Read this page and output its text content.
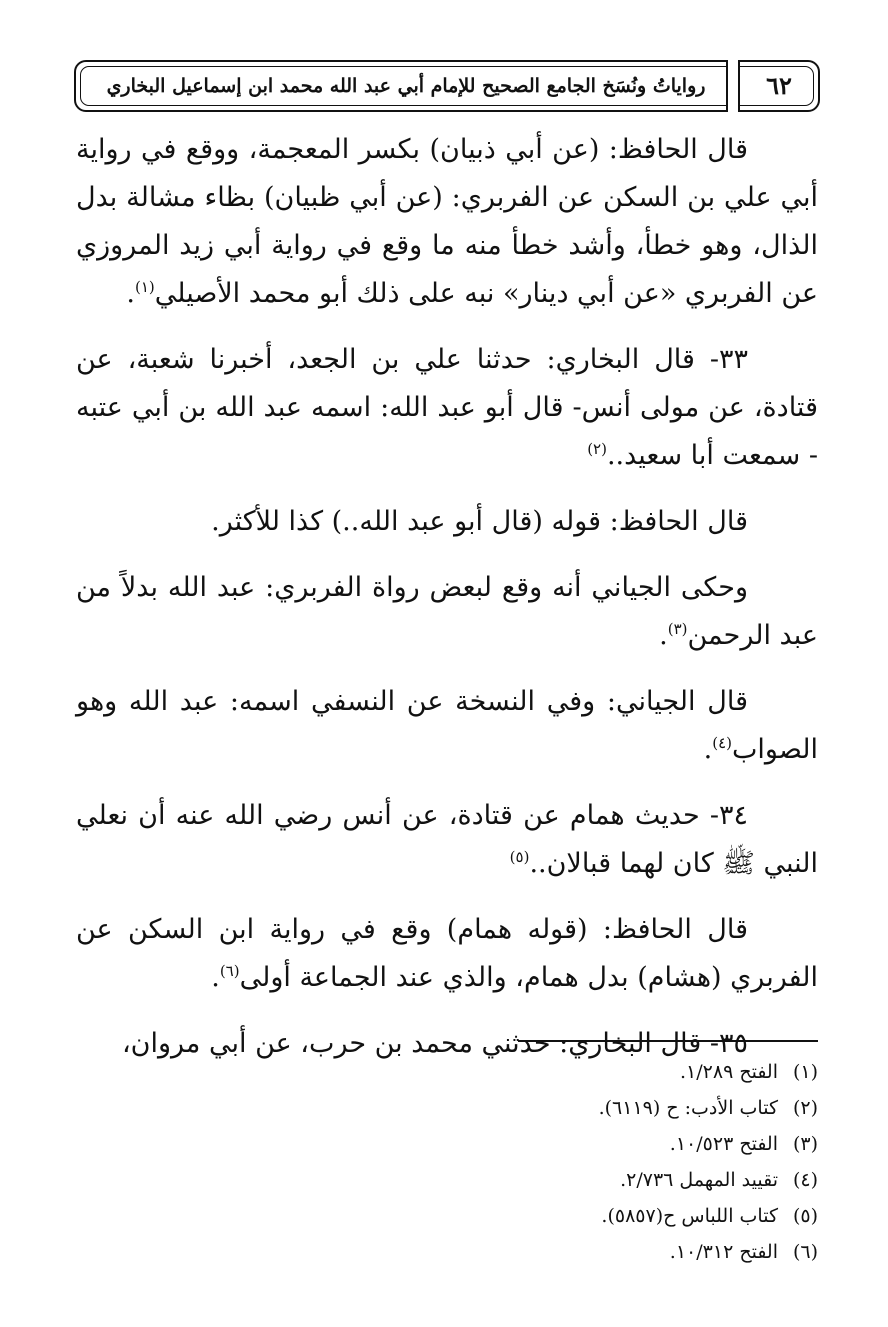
٦٢
رواياتُ ونُسَخ الجامع الصحيح للإمام أبي عبد الله محمد ابن إسماعيل البخاري

قال الحافظ: (عن أبي ذبيان) بكسر المعجمة، ووقع في رواية أبي علي بن السكن عن الفربري: (عن أبي ظبيان) بظاء مشالة بدل الذال، وهو خطأ، وأشد خطأ منه ما وقع في رواية أبي زيد المروزي عن الفربري «عن أبي دينار» نبه على ذلك أبو محمد الأصيلي$^{(١)}$.

٣٣- قال البخاري: حدثنا علي بن الجعد، أخبرنا شعبة، عن قتادة، عن مولى أنس- قال أبو عبد الله: اسمه عبد الله بن أبي عتبه - سمعت أبا سعيد..$^{(٢)}$

قال الحافظ: قوله (قال أبو عبد الله..) كذا للأكثر.

وحكى الجياني أنه وقع لبعض رواة الفربري: عبد الله بدلاً من عبد الرحمن$^{(٣)}$.

قال الجياني: وفي النسخة عن النسفي اسمه: عبد الله وهو الصواب$^{(٤)}$.

٣٤- حديث همام عن قتادة، عن أنس رضي الله عنه أن نعلي النبي ﷺ كان لهما قبالان..$^{(٥)}$

قال الحافظ: (قوله همام) وقع في رواية ابن السكن عن الفربري (هشام) بدل همام، والذي عند الجماعة أولى$^{(٦)}$.

٣٥- قال البخاري: حدثني محمد بن حرب، عن أبي مروان،

(١)الفتح ١/٢٨٩.
(٢)كتاب الأدب: ح (٦١١٩).
(٣)الفتح ١٠/٥٢٣.
(٤)تقييد المهمل ٢/٧٣٦.
(٥)كتاب اللباس ح(٥٨٥٧).
(٦)الفتح ١٠/٣١٢.
